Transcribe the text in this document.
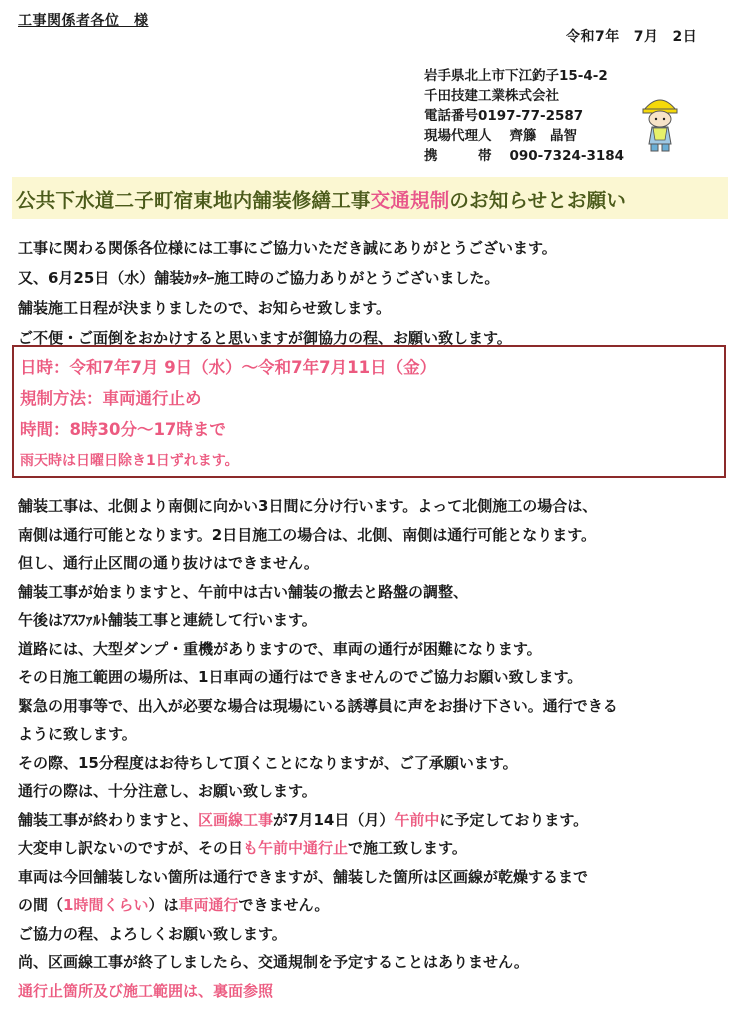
工事関係者各位　様
令和7年 7月 2日
岩手県北上市下江釣子15-4-2
千田技建工業株式会社
電話番号0197-77-2587
現場代理人 齊籐　晶智
携　　　帯 090-7324-3184
公共下水道二子町宿東地内舗装修繕工事交通規制のお知らせとお願い
工事に関わる関係各位様には工事にご協力いただき誠にありがとうございます。
又、6月25日（水）舗装ｶｯﾀｰ施工時のご協力ありがとうございました。
舗装施工日程が決まりましたので、お知らせ致します。
ご不便・ご面倒をおかけすると思いますが御協力の程、お願い致します。
日時：令和7年7月 9日（水）～令和7年7月11日（金）
規制方法：車両通行止め
時間：8時30分～17時まで
雨天時は日曜日除き1日ずれます。
舗装工事は、北側より南側に向かい3日間に分け行います。よって北側施工の場合は、
南側は通行可能となります。2日目施工の場合は、北側、南側は通行可能となります。
但し、通行止区間の通り抜けはできません。
舗装工事が始まりますと、午前中は古い舗装の撤去と路盤の調整、
午後はｱｽﾌｧﾙﾄ舗装工事と連続して行います。
道路には、大型ダンプ・重機がありますので、車両の通行が困難になります。
その日施工範囲の場所は、1日車両の通行はできませんのでご協力お願い致します。
緊急の用事等で、出入が必要な場合は現場にいる誘導員に声をお掛け下さい。通行できる
ように致します。
その際、15分程度はお待ちして頂くことになりますが、ご了承願います。
通行の際は、十分注意し、お願い致します。
舗装工事が終わりますと、区画線工事が7月14日（月）午前中に予定しております。
大変申し訳ないのですが、その日も午前中通行止で施工致します。
車両は今回舗装しない箇所は通行できますが、舗装した箇所は区画線が乾燥するまで
の間（1時間くらい）は車両通行できません。
ご協力の程、よろしくお願い致します。
尚、区画線工事が終了しましたら、交通規制を予定することはありません。
通行止箇所及び施工範囲は、裏面参照
